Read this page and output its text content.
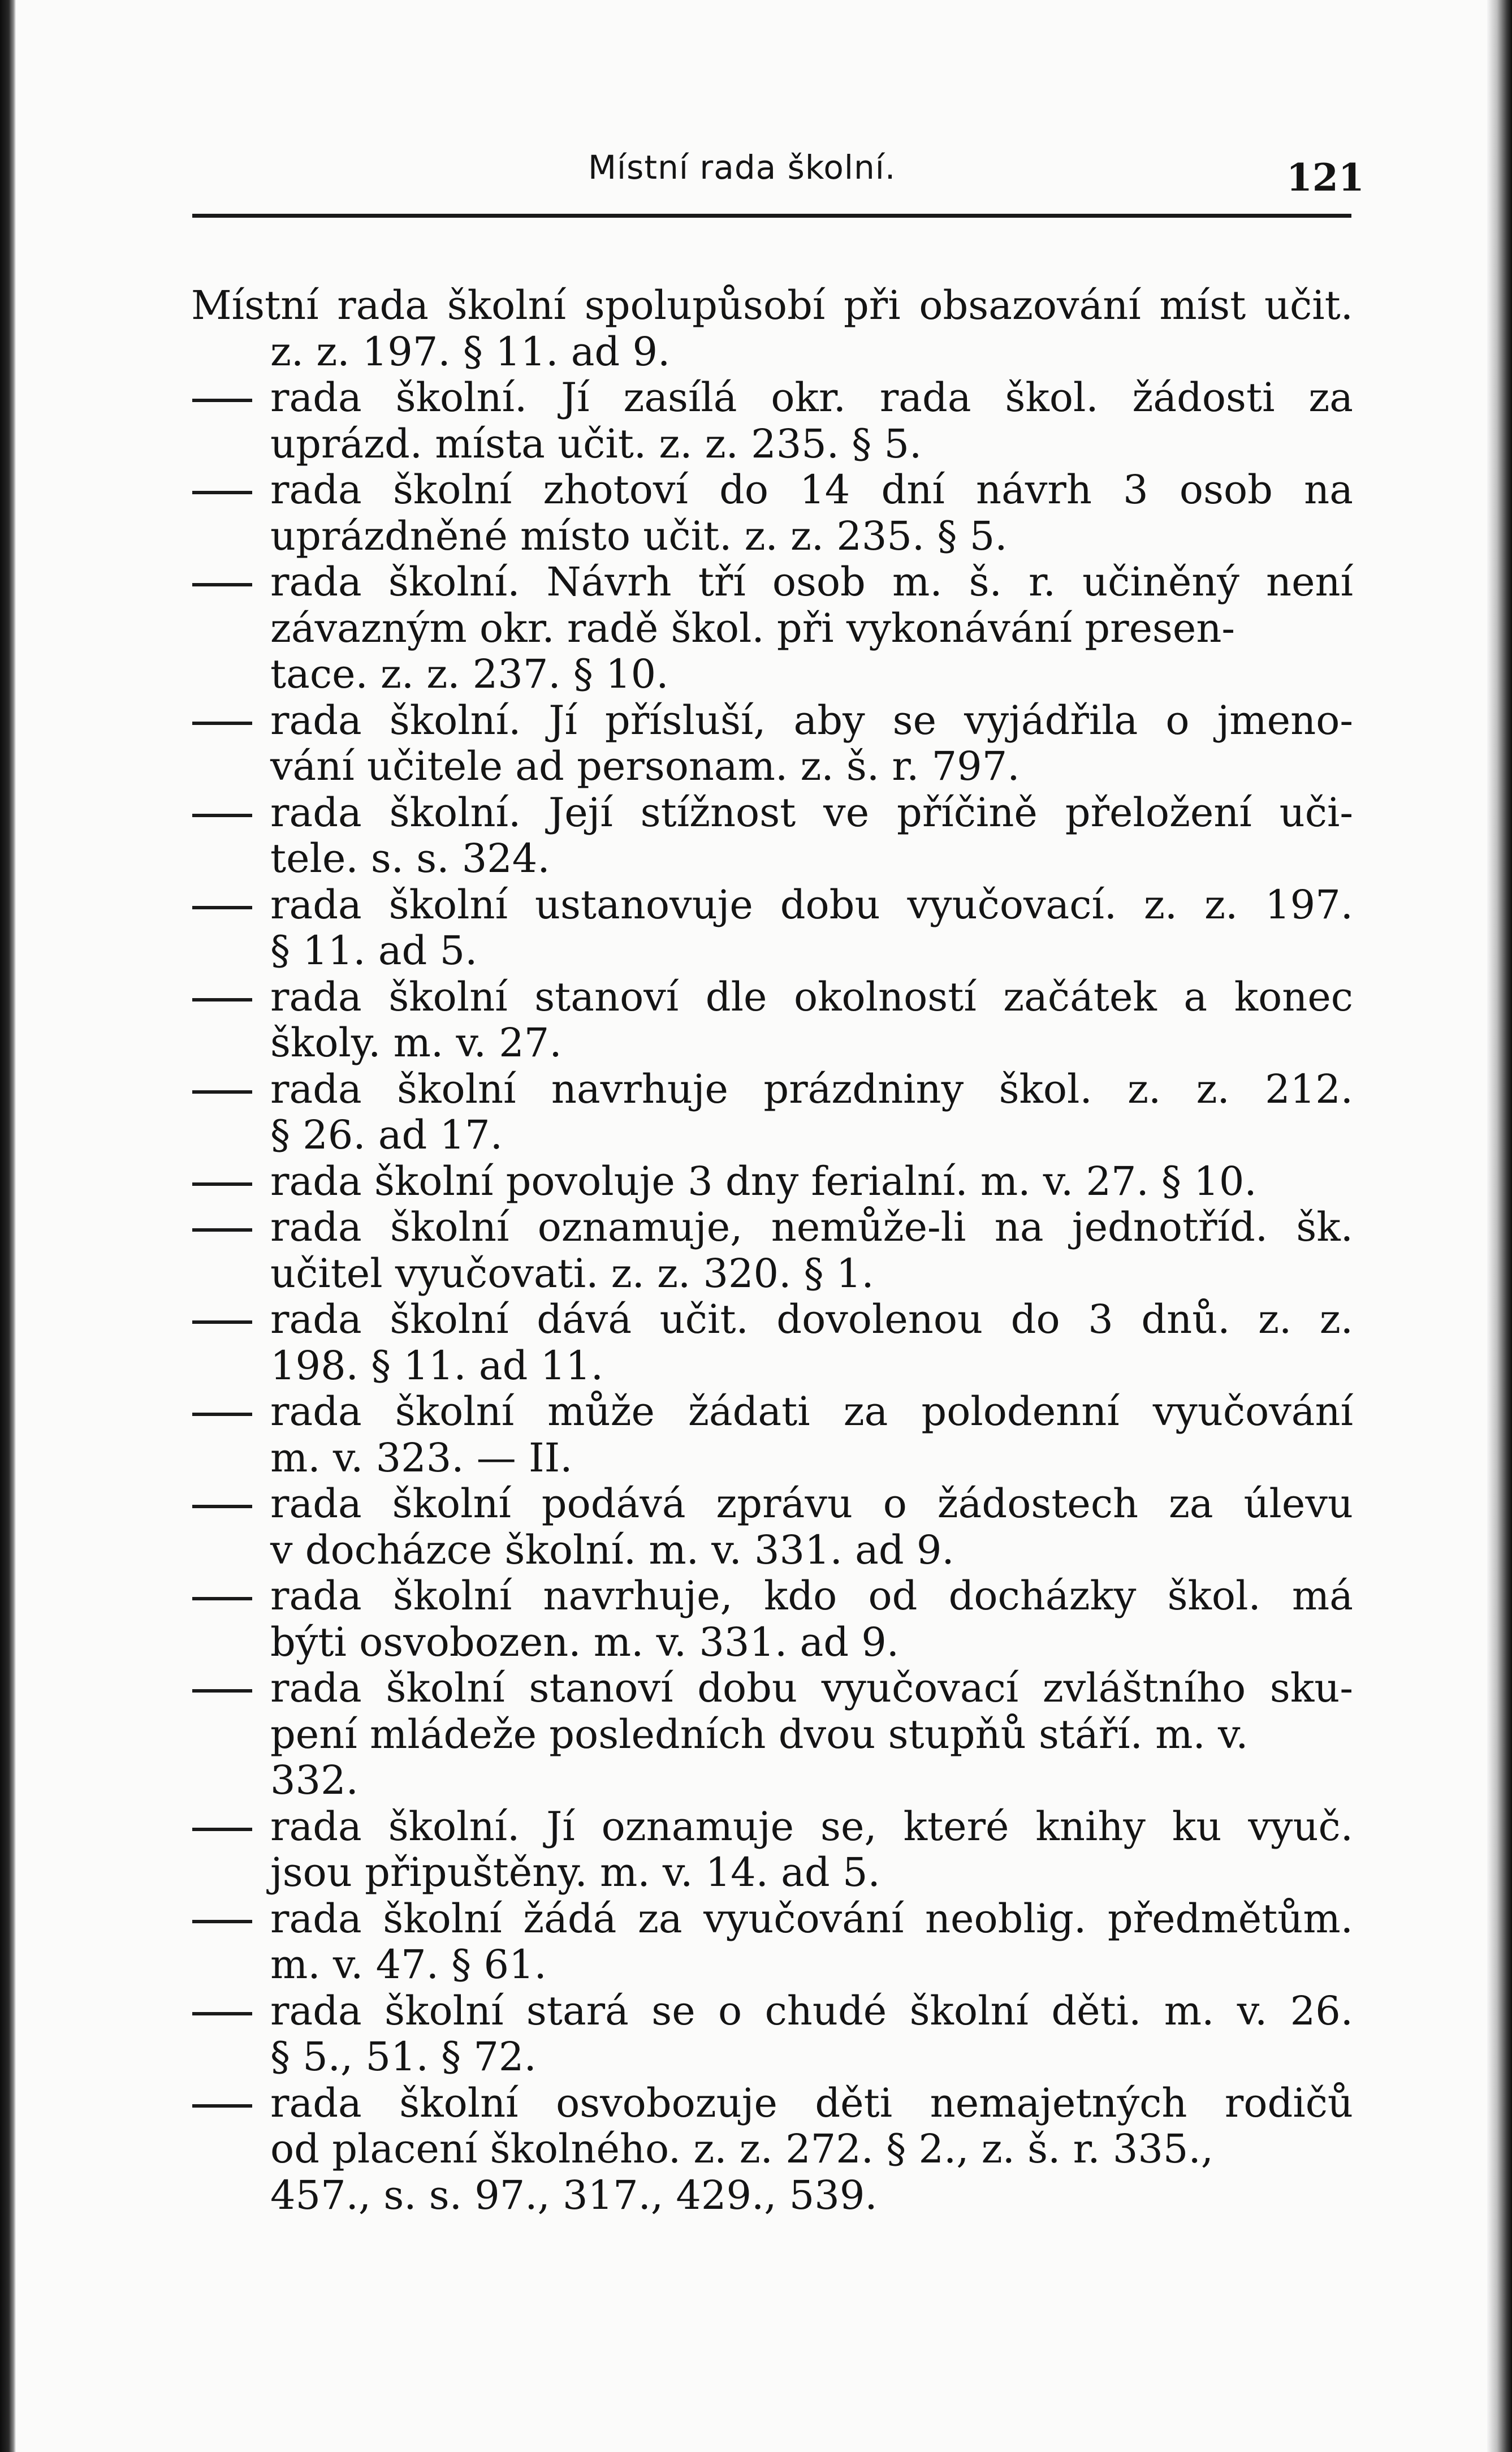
Místní rada školní.	121
Místní rada školní spolupůsobí při obsazování míst učit.
z. z. 197. § 11. ad 9.
rada školní. Jí zasílá okr. rada škol. žádosti za
uprázd. místa učit. z. z. 235. § 5.
rada školní zhotoví do 14 dní návrh 3 osob na
uprázdněné místo učit. z. z. 235. § 5.
rada školní. Návrh tří osob m. š. r. učiněný není
závazným okr. radě škol. při vykonávání presen-
tace. z. z. 237. § 10.
rada školní. Jí přísluší, aby se vyjádřila o jmeno-
vání učitele ad personam. z. š. r. 797.
rada školní. Její stížnost ve příčině přeložení uči-
tele. s. s. 324.
rada školní ustanovuje dobu vyučovací. z. z. 197.
§ 11. ad 5.
rada školní stanoví dle okolností začátek a konec
školy. m. v. 27.
rada školní navrhuje prázdniny škol. z. z. 212.
§ 26. ad 17.
rada školní povoluje 3 dny ferialní. m. v. 27. § 10.
rada školní oznamuje, nemůže-li na jednotříd. šk.
učitel vyučovati. z. z. 320. § 1.
rada školní dává učit. dovolenou do 3 dnů. z. z.
198. § 11. ad 11.
rada školní může žádati za polodenní vyučování
m. v. 323. — II.
rada školní podává zprávu o žádostech za úlevu
v docházce školní. m. v. 331. ad 9.
rada školní navrhuje, kdo od docházky škol. má
býti osvobozen. m. v. 331. ad 9.
rada školní stanoví dobu vyučovací zvláštního sku-
pení mládeže posledních dvou stupňů stáří. m. v.
332.
rada školní. Jí oznamuje se, které knihy ku vyuč.
jsou připuštěny. m. v. 14. ad 5.
rada školní žádá za vyučování neoblig. předmětům.
m. v. 47. § 61.
rada školní stará se o chudé školní děti. m. v. 26.
§ 5., 51. § 72.
rada školní osvobozuje děti nemajetných rodičů
od placení školného. z. z. 272. § 2., z. š. r. 335.,
457., s. s. 97., 317., 429., 539.
